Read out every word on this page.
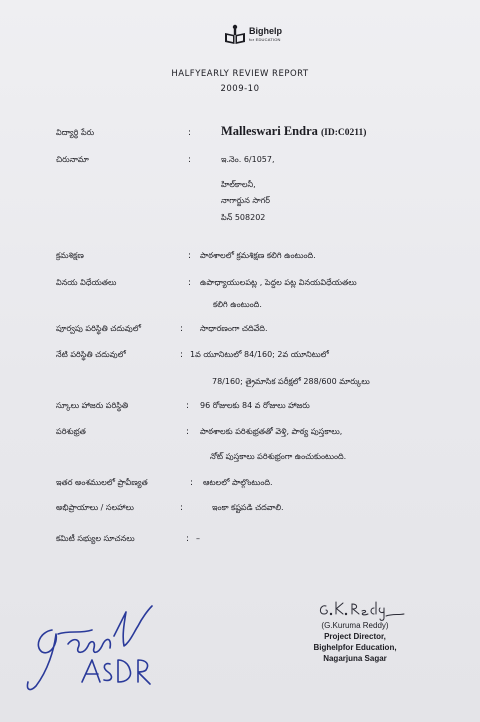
Bighelp
for EDUCATION
HALFYEARLY REVIEW REPORT
2009-10
విద్యార్థి పేరు
చిరునామా
క్రమశిక్షణ
వినయ విధేయతలు
పూర్వపు పరిస్థితి చదువులో
నేటి పరిస్థితి చదువులో
స్కూలు హాజరు పరిస్థితి
పరిశుభ్రత
ఇతర అంశములలో ప్రావీణ్యత
అభిప్రాయాలు / సలహాలు
కమిటీ సభ్యుల సూచనలు
:
:
:
:
:
:
:
:
:
:
:
Malleswari Endra (ID:C0211)
ఇ.నెం. 6/1057,
హిల్‌కాలనీ,
నాగార్జున సాగర్
పిన్ 508202
పాఠశాలలో క్రమశిక్షణ కలిగి ఉంటుంది.
ఉపాధ్యాయులపట్ల , పెద్దల పట్ల వినయవిధేయతలు
కలిగి ఉంటుంది.
సాధారణంగా చదివేది.
1వ యూనిటులో 84/160; 2వ యూనిటులో
78/160; త్రైమాసిక పరీక్షలో 288/600 మార్కులు
96 రోజులకు 84 వ రోజులు హాజరు
పాఠశాలకు పరిశుభ్రతతో వెళ్తి, పాఠ్య పుస్తకాలు,
నోట్ పుస్తకాలు పరిశుభ్రంగా ఉంచుకుంటుంది.
ఆటలలో పాల్గొంటుంది.
ఇంకా కష్టపడి చదవాలి.
–
(G.Kuruma Reddy)
Project Director,
Bighelpfor Education,
Nagarjuna Sagar
